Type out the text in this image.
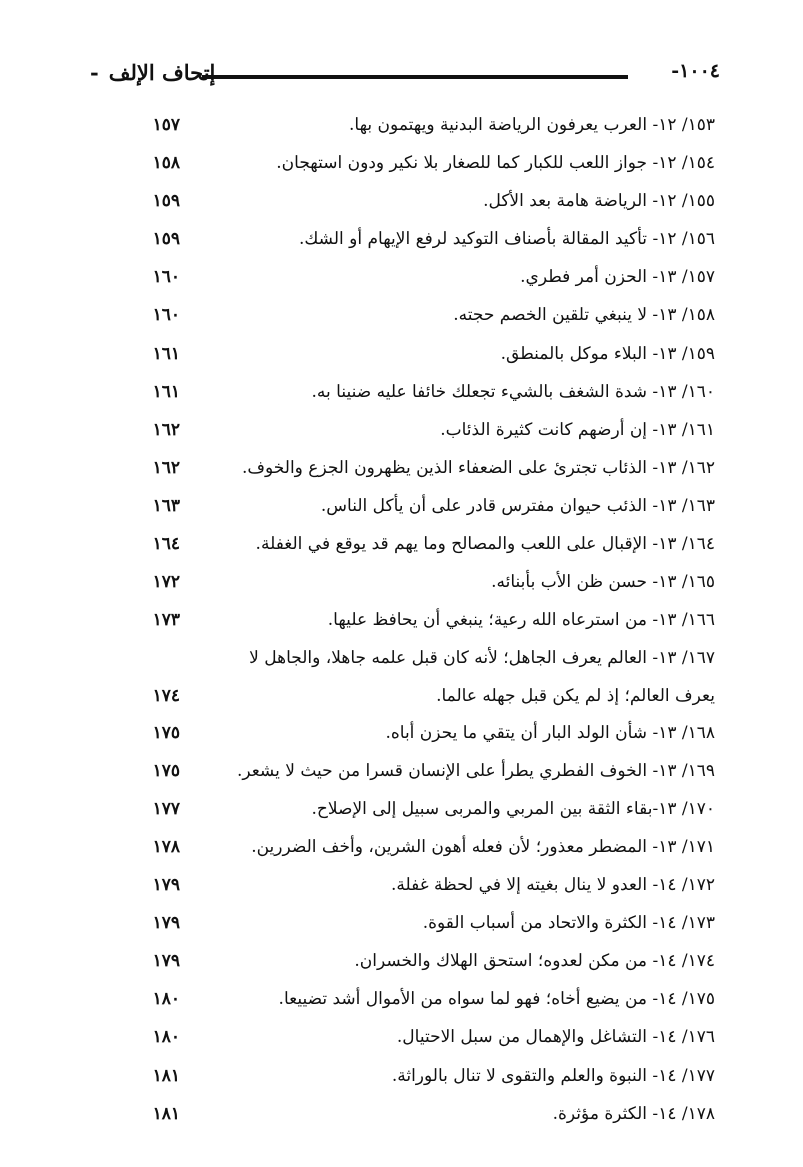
إتحاف الإلف-	١٠٠٤-
١٥٣/ ١٢- العرب يعرفون الرياضة البدنية ويهتمون بها.
١٥٧
١٥٤/ ١٢- جواز اللعب للكبار كما للصغار بلا نكير ودون استهجان.
١٥٨
١٥٥/ ١٢- الرياضة هامة بعد الأكل.
١٥٩
١٥٦/ ١٢- تأكيد المقالة بأصناف التوكيد لرفع الإيهام أو الشك.
١٥٩
١٥٧/ ١٣- الحزن أمر فطري.
١٦٠
١٥٨/ ١٣- لا ينبغي تلقين الخصم حجته.
١٦٠
١٥٩/ ١٣- البلاء موكل بالمنطق.
١٦١
١٦٠/ ١٣- شدة الشغف بالشيء تجعلك خائفا عليه ضنينا به.
١٦١
١٦١/ ١٣- إن أرضهم كانت كثيرة الذئاب.
١٦٢
١٦٢/ ١٣- الذئاب تجترئ على الضعفاء الذين يظهرون الجزع والخوف.
١٦٢
١٦٣/ ١٣- الذئب حيوان مفترس قادر على أن يأكل الناس.
١٦٣
١٦٤/ ١٣- الإقبال على اللعب والمصالح وما يهم قد يوقع في الغفلة.
١٦٤
١٦٥/ ١٣- حسن ظن الأب بأبنائه.
١٧٢
١٦٦/ ١٣- من استرعاه الله رعية؛ ينبغي أن يحافظ عليها.
١٧٣
١٦٧/ ١٣- العالم يعرف الجاهل؛ لأنه كان قبل علمه جاهلا، والجاهل لا
يعرف العالم؛ إذ لم يكن قبل جهله عالما.
١٧٤
١٦٨/ ١٣- شأن الولد البار أن يتقي ما يحزن أباه.
١٧٥
١٦٩/ ١٣- الخوف الفطري يطرأ على الإنسان قسرا من حيث لا يشعر.
١٧٥
١٧٠/ ١٣-بقاء الثقة بين المربي والمربى سبيل إلى الإصلاح.
١٧٧
١٧١/ ١٣- المضطر معذور؛ لأن فعله أهون الشرين، وأخف الضررين.
١٧٨
١٧٢/ ١٤- العدو لا ينال بغيته إلا في لحظة غفلة.
١٧٩
١٧٣/ ١٤- الكثرة والاتحاد من أسباب القوة.
١٧٩
١٧٤/ ١٤- من مكن لعدوه؛ استحق الهلاك والخسران.
١٧٩
١٧٥/ ١٤- من يضيع أخاه؛ فهو لما سواه من الأموال أشد تضييعا.
١٨٠
١٧٦/ ١٤- التشاغل والإهمال من سبل الاحتيال.
١٨٠
١٧٧/ ١٤- النبوة والعلم والتقوى لا تنال بالوراثة.
١٨١
١٧٨/ ١٤- الكثرة مؤثرة.
١٨١
